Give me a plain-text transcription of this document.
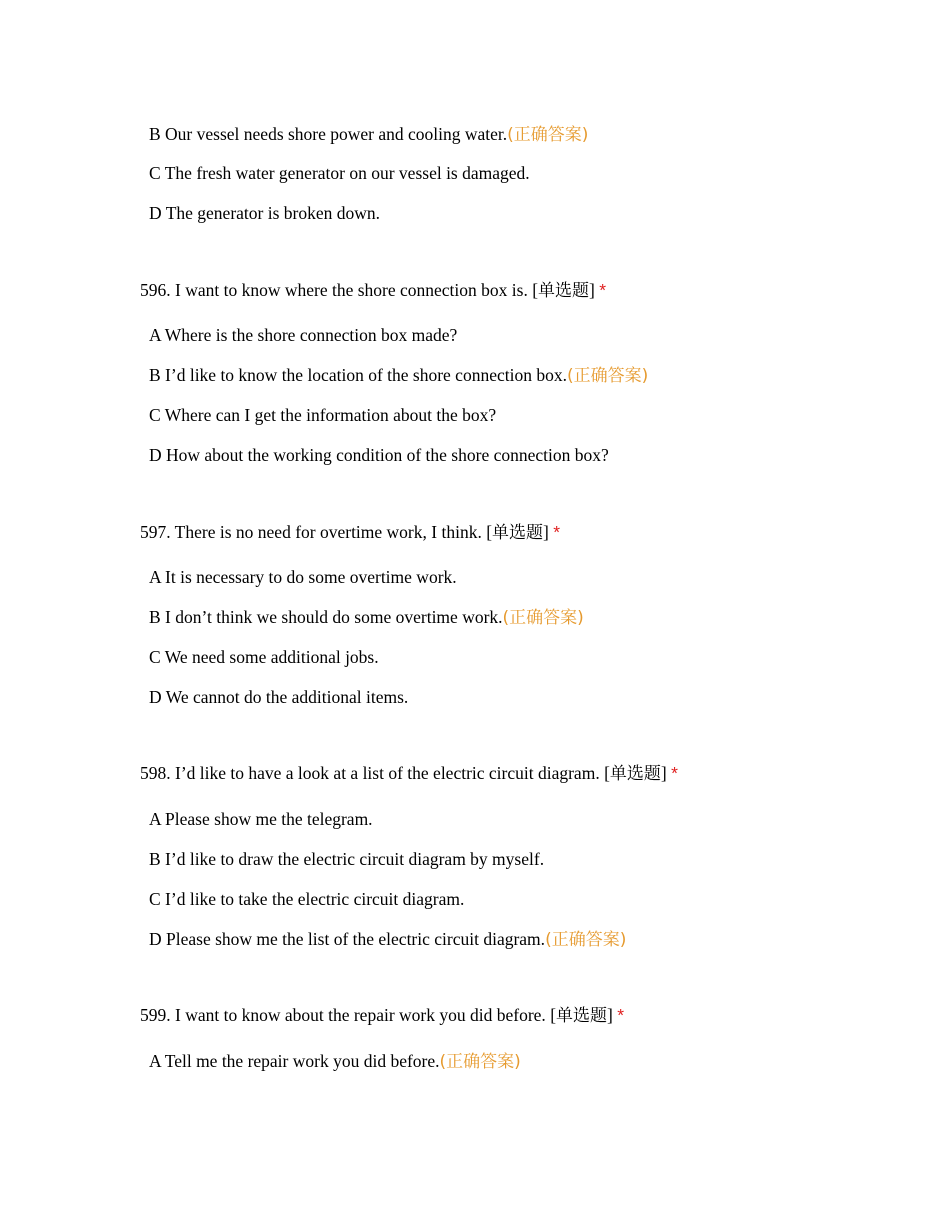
B Our vessel needs shore power and cooling water.(正确答案)
C The fresh water generator on our vessel is damaged.
D The generator is broken down.
596. I want to know where the shore connection box is. [单选题] *
A Where is the shore connection box made?
B I’d like to know the location of the shore connection box.(正确答案)
C Where can I get the information about the box?
D How about the working condition of the shore connection box?
597. There is no need for overtime work, I think. [单选题] *
A It is necessary to do some overtime work.
B I don’t think we should do some overtime work.(正确答案)
C We need some additional jobs.
D We cannot do the additional items.
598. I’d like to have a look at a list of the electric circuit diagram. [单选题] *
A Please show me the telegram.
B I’d like to draw the electric circuit diagram by myself.
C I’d like to take the electric circuit diagram.
D Please show me the list of the electric circuit diagram.(正确答案)
599. I want to know about the repair work you did before. [单选题] *
A Tell me the repair work you did before.(正确答案)
